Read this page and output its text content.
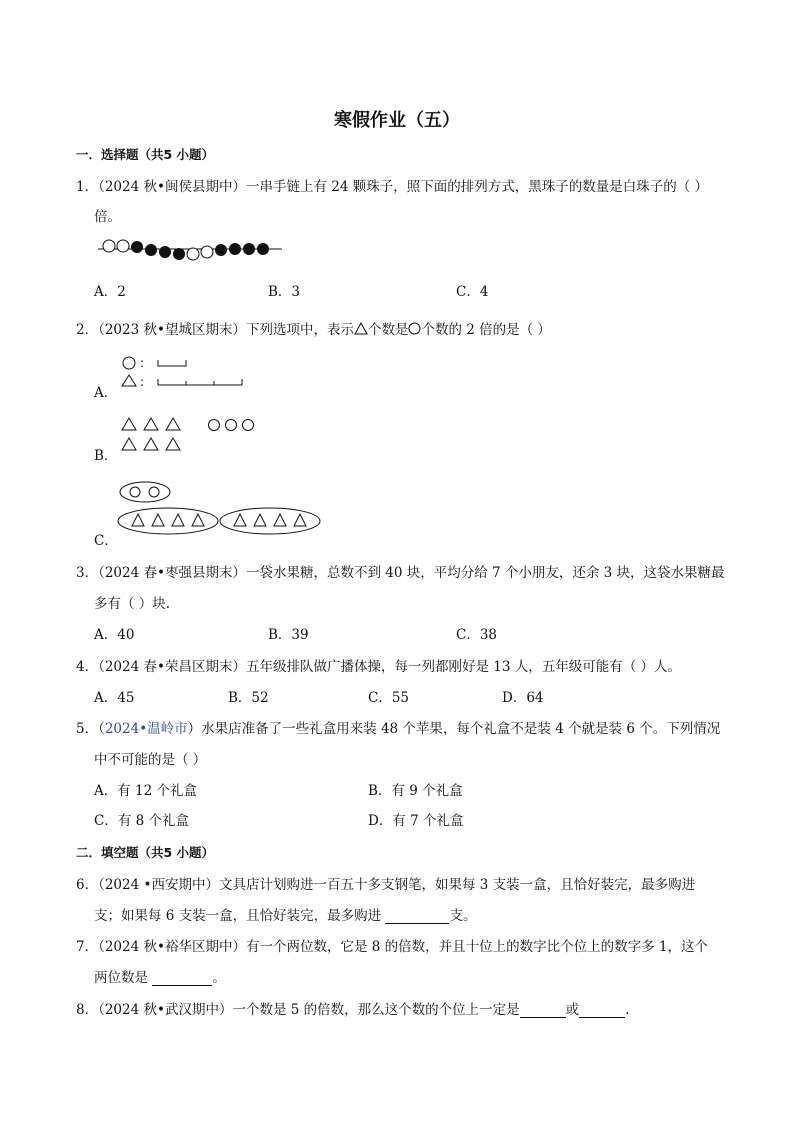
寒假作业（五）
一．选择题（共5 小题）
1．（2024 秋•闽侯县期中）一串手链上有 24 颗珠子，照下面的排列方式，黑珠子的数量是白珠子的（ ）
倍。
A．2	B．3	C．4
2．（2023 秋•望城区期末）下列选项中，表示 个数是 个数的 2 倍的是（ ）
A．
:
:
B．
C．
3．（2024 春•枣强县期末）一袋水果糖，总数不到 40 块，平均分给 7 个小朋友，还余 3 块，这袋水果糖最
多有（ ）块.
A．40	B．39	C．38
4．（2024 春•荣昌区期末）五年级排队做广播体操，每一列都刚好是 13 人，五年级可能有（ ）人。
A．45	B．52	C．55	D．64
5．（2024•温岭市）水果店准备了一些礼盒用来装 48 个苹果，每个礼盒不是装 4 个就是装 6 个。下列情况
中不可能的是（ ）
A．有 12 个礼盒	B．有 9 个礼盒
C．有 8 个礼盒	D．有 7 个礼盒
二．填空题（共5 小题）
6．（2024 •西安期中）文具店计划购进一百五十多支钢笔，如果每 3 支装一盒，且恰好装完，最多购进
支；如果每 6 支装一盒，且恰好装完，最多购进	支。
7．（2024 秋•裕华区期中）有一个两位数，它是 8 的倍数，并且十位上的数字比个位上的数字多 1，这个
两位数是	。
8．（2024 秋•武汉期中）一个数是 5 的倍数，那么这个数的个位上一定是	或	.
